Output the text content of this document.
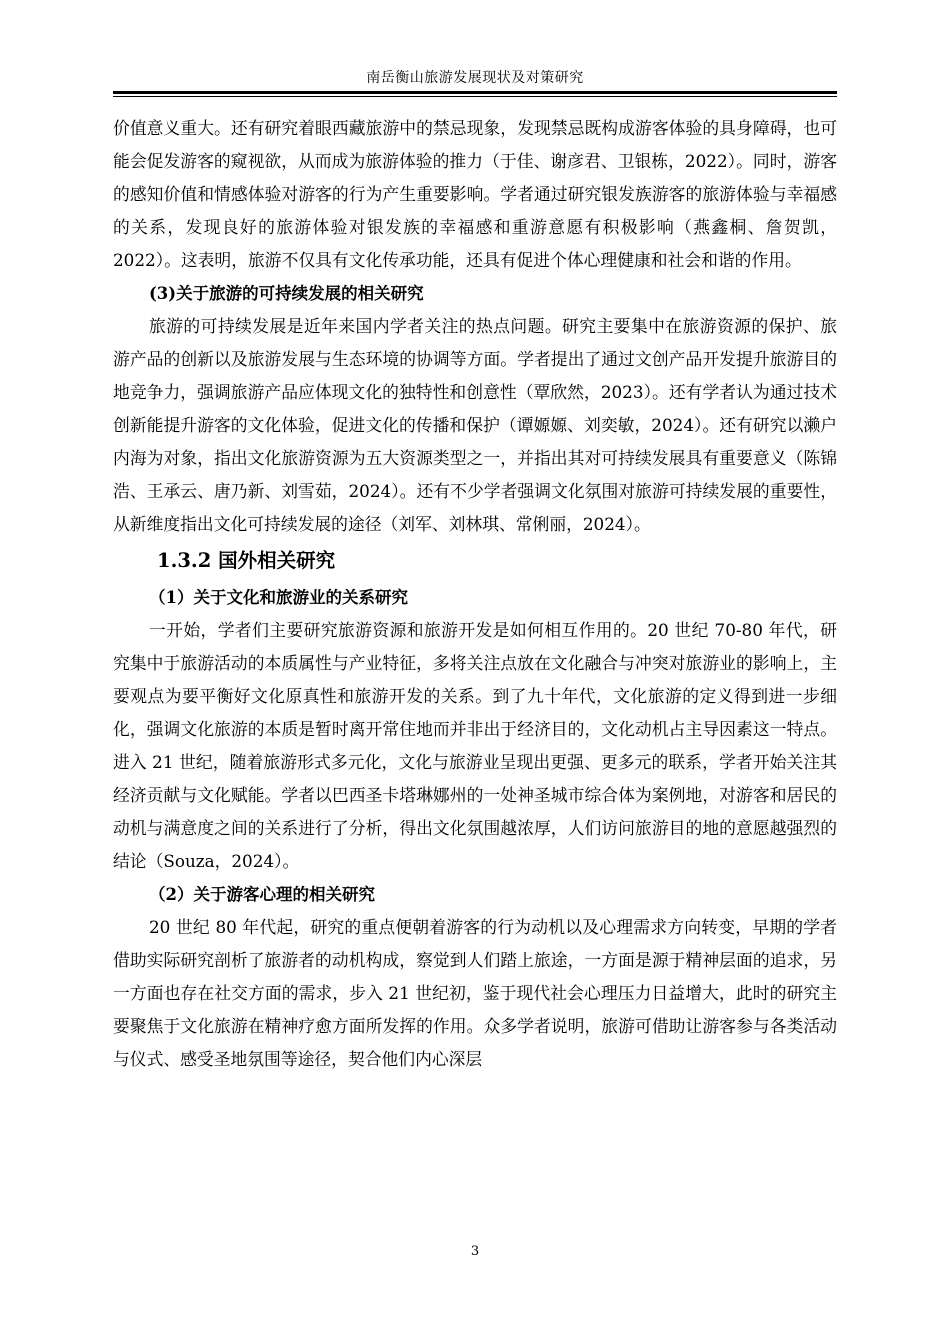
南岳衡山旅游发展现状及对策研究

价值意义重大。还有研究着眼西藏旅游中的禁忌现象，发现禁忌既构成游客体验的具身障碍，也可能会促发游客的窥视欲，从而成为旅游体验的推力（于佳、谢彦君、卫银栋，2022）。同时，游客的感知价值和情感体验对游客的行为产生重要影响。学者通过研究银发族游客的旅游体验与幸福感的关系，发现良好的旅游体验对银发族的幸福感和重游意愿有积极影响（燕鑫桐、詹贺凯，2022）。这表明，旅游不仅具有文化传承功能，还具有促进个体心理健康和社会和谐的作用。

(3)关于旅游的可持续发展的相关研究

旅游的可持续发展是近年来国内学者关注的热点问题。研究主要集中在旅游资源的保护、旅游产品的创新以及旅游发展与生态环境的协调等方面。学者提出了通过文创产品开发提升旅游目的地竞争力，强调旅游产品应体现文化的独特性和创意性（覃欣然，2023）。还有学者认为通过技术创新能提升游客的文化体验，促进文化的传播和保护（谭嫄嫄、刘奕敏，2024）。还有研究以濑户内海为对象，指出文化旅游资源为五大资源类型之一，并指出其对可持续发展具有重要意义（陈锦浩、王承云、唐乃新、刘雪茹，2024）。还有不少学者强调文化氛围对旅游可持续发展的重要性，从新维度指出文化可持续发展的途径（刘军、刘林琪、常俐丽，2024）。

1.3.2 国外相关研究
（1）关于文化和旅游业的关系研究

一开始，学者们主要研究旅游资源和旅游开发是如何相互作用的。20 世纪 70-80 年代，研究集中于旅游活动的本质属性与产业特征，多将关注点放在文化融合与冲突对旅游业的影响上，主要观点为要平衡好文化原真性和旅游开发的关系。到了九十年代，文化旅游的定义得到进一步细化，强调文化旅游的本质是暂时离开常住地而并非出于经济目的，文化动机占主导因素这一特点。进入 21 世纪，随着旅游形式多元化，文化与旅游业呈现出更强、更多元的联系，学者开始关注其经济贡献与文化赋能。学者以巴西圣卡塔琳娜州的一处神圣城市综合体为案例地，对游客和居民的动机与满意度之间的关系进行了分析，得出文化氛围越浓厚，人们访问旅游目的地的意愿越强烈的结论（Souza，2024）。

（2）关于游客心理的相关研究

20 世纪 80 年代起，研究的重点便朝着游客的行为动机以及心理需求方向转变，早期的学者借助实际研究剖析了旅游者的动机构成，察觉到人们踏上旅途，一方面是源于精神层面的追求，另一方面也存在社交方面的需求，步入 21 世纪初，鉴于现代社会心理压力日益增大，此时的研究主要聚焦于文化旅游在精神疗愈方面所发挥的作用。众多学者说明，旅游可借助让游客参与各类活动与仪式、感受圣地氛围等途径，契合他们内心深层

3
